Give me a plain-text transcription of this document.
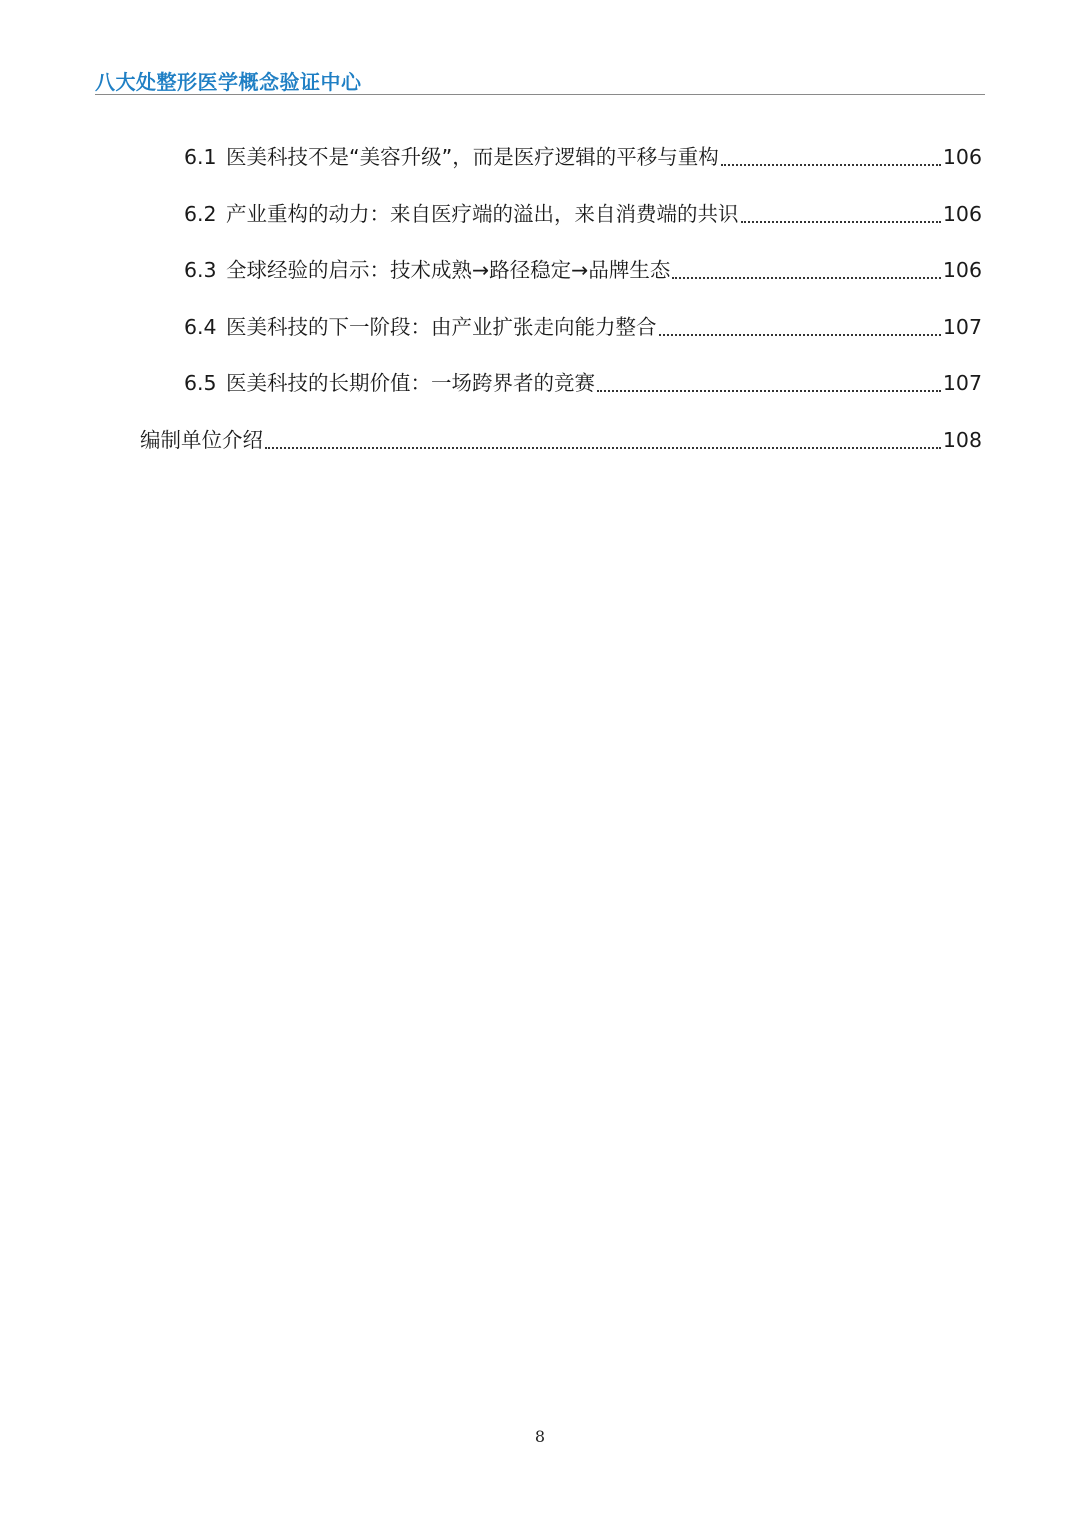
八大处整形医学概念验证中心
6.1 医美科技不是“美容升级”，而是医疗逻辑的平移与重构	106
6.2 产业重构的动力：来自医疗端的溢出，来自消费端的共识	106
6.3 全球经验的启示：技术成熟→路径稳定→品牌生态	106
6.4 医美科技的下一阶段：由产业扩张走向能力整合	107
6.5 医美科技的长期价值：一场跨界者的竞赛	107
编制单位介绍	108
8
